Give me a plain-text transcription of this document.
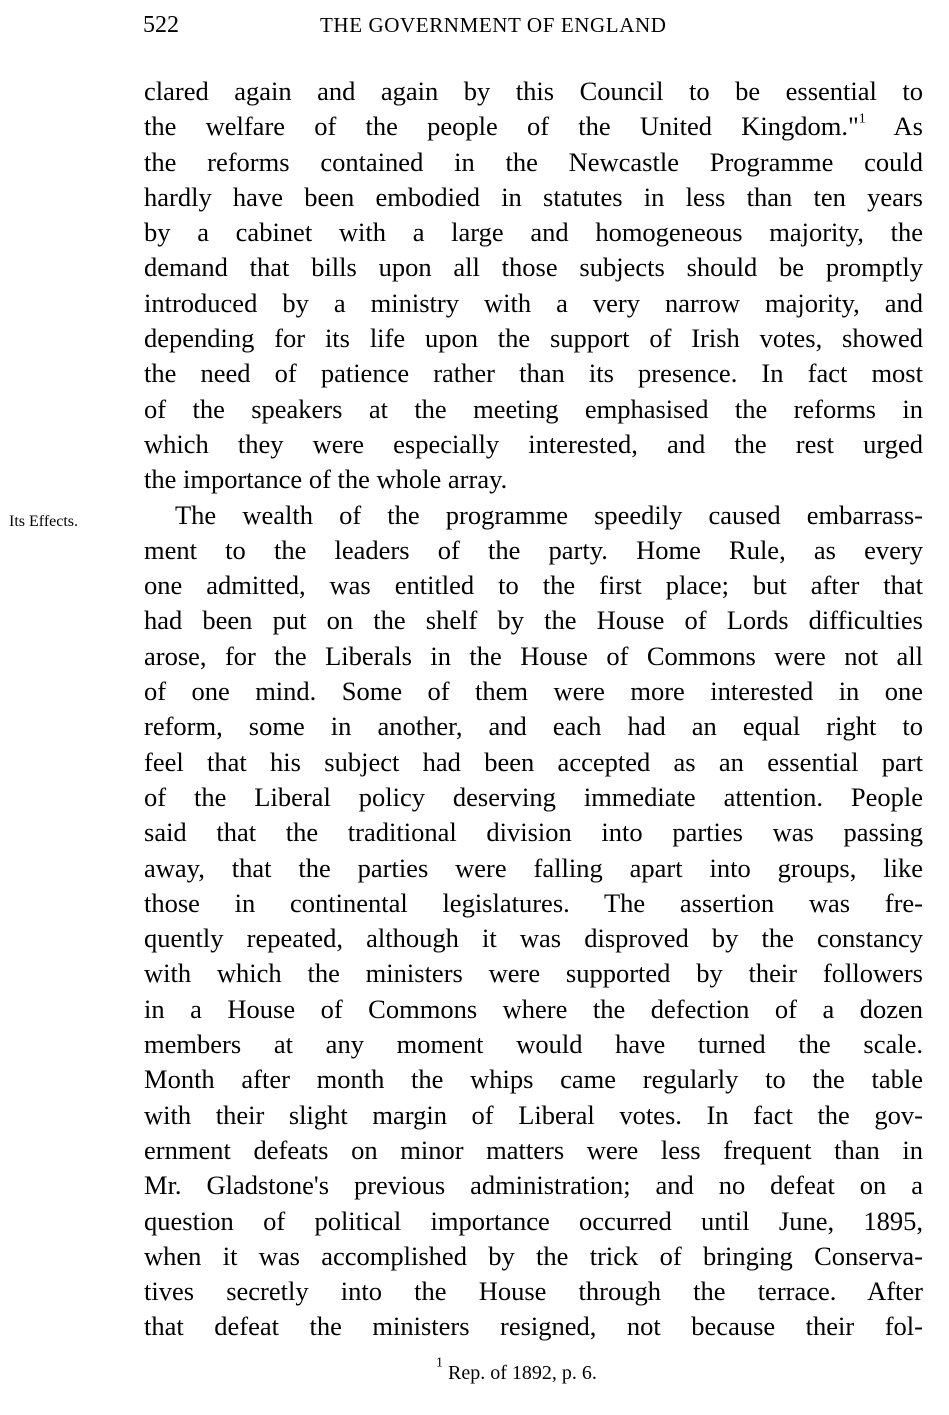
522	THE GOVERNMENT OF ENGLAND
Its Effects.
clared again and again by this Council to be essential to
the welfare of the people of the United Kingdom."$^1$ As
the reforms contained in the Newcastle Programme could
hardly have been embodied in statutes in less than ten years
by a cabinet with a large and homogeneous majority, the
demand that bills upon all those subjects should be promptly
introduced by a ministry with a very narrow majority, and
depending for its life upon the support of Irish votes, showed
the need of patience rather than its presence. In fact most
of the speakers at the meeting emphasised the reforms in
which they were especially interested, and the rest urged
the importance of the whole array.
The wealth of the programme speedily caused embarrass-
ment to the leaders of the party. Home Rule, as every
one admitted, was entitled to the first place; but after that
had been put on the shelf by the House of Lords difficulties
arose, for the Liberals in the House of Commons were not all
of one mind. Some of them were more interested in one
reform, some in another, and each had an equal right to
feel that his subject had been accepted as an essential part
of the Liberal policy deserving immediate attention. People
said that the traditional division into parties was passing
away, that the parties were falling apart into groups, like
those in continental legislatures. The assertion was fre-
quently repeated, although it was disproved by the constancy
with which the ministers were supported by their followers
in a House of Commons where the defection of a dozen
members at any moment would have turned the scale.
Month after month the whips came regularly to the table
with their slight margin of Liberal votes. In fact the gov-
ernment defeats on minor matters were less frequent than in
Mr. Gladstone's previous administration; and no defeat on a
question of political importance occurred until June, 1895,
when it was accomplished by the trick of bringing Conserva-
tives secretly into the House through the terrace. After
that defeat the ministers resigned, not because their fol-
$^1$ Rep. of 1892, p. 6.
